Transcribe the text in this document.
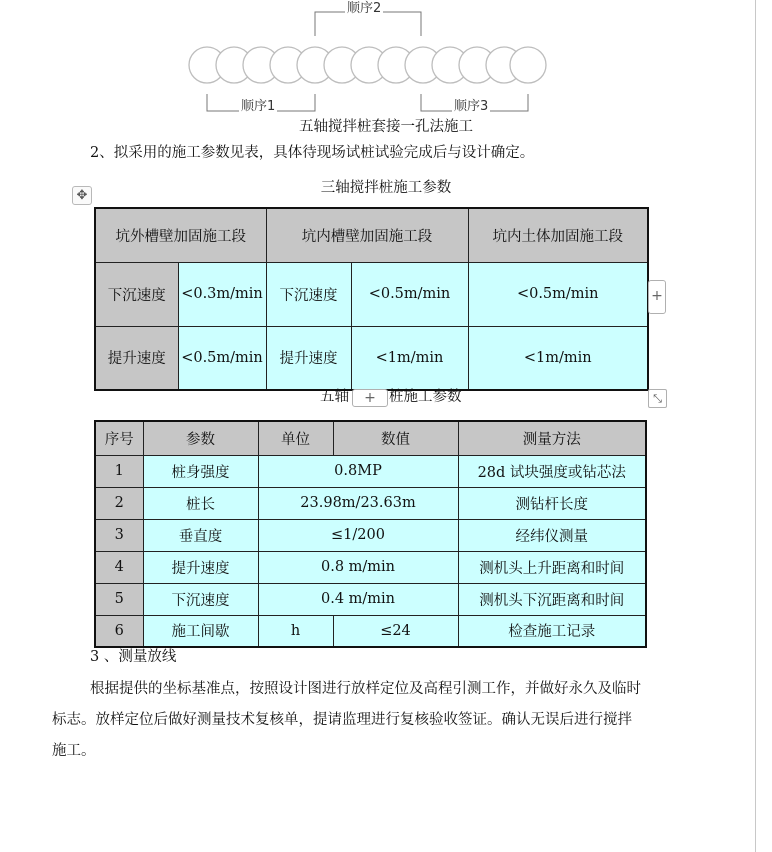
顺序2
顺序1	顺序3
五轴搅拌桩套接一孔法施工
2、拟采用的施工参数见表，具体待现场试桩试验完成后与设计确定。
三轴搅拌桩施工参数
✥
坑外槽壁加固施工段		坑内槽壁加固施工段		坑内土体加固施工段
下沉速度	<0.3m/min	下沉速度	<0.5m/min	<0.5m/min
提升速度	<0.5m/min	提升速度	<1m/min	<1m/min
+
五轴	桩施工参数
+	⤡
序号	参数	单位	数值	测量方法
1	桩身强度	0.8MP		28d 试块强度或钻芯法
2	桩长	23.98m/23.63m		测钻杆长度
3	垂直度	≤1/200		经纬仪测量
4	提升速度	0.8 m/min		测机头上升距离和时间
5	下沉速度	0.4 m/min		测机头下沉距离和时间
6	施工间歇	h	≤24	检查施工记录
3 、测量放线
根据提供的坐标基准点，按照设计图进行放样定位及高程引测工作，并做好永久及临时
标志。放样定位后做好测量技术复核单，提请监理进行复核验收签证。确认无误后进行搅拌
施工。
